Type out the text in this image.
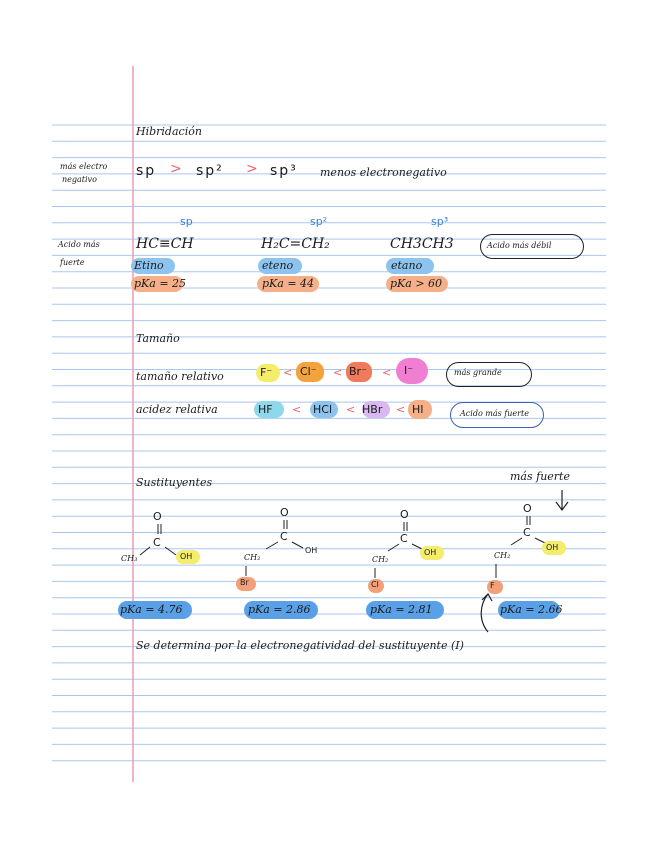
Hibridación
más electro
negativo
sp > sp² > sp³ menos electronegativo
sp	sp²	sp³
Acido más
fuerte
HC≡CH	H₂C=CH₂	CH3CH3	Acido más débil
Etino	eteno	etano
pKa = 25	pKa = 44	pKa > 60
Tamaño
tamaño relativo	F⁻ < Cl⁻ < Br⁻ < I⁻	más grande
acidez relativa	HF < HCl < HBr < HI	Acido más fuerte
Sustituyentes	más fuerte
O
C
OH
CH₃
O
C
OH
CH₂
Br
O
C
OH
CH₂
Cl
O
C
OH
CH₂
F
pKa = 4.76	pKa = 2.86	pKa = 2.81	pKa = 2.66
Se determina por la electronegatividad del sustituyente (I)
